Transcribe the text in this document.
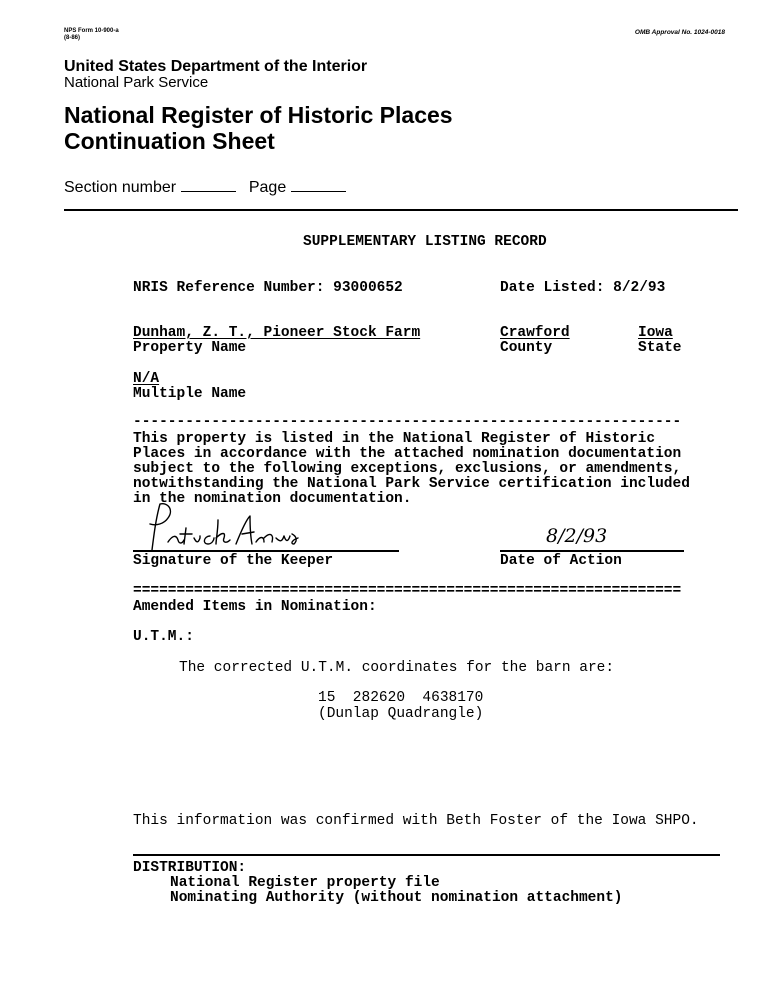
NPS Form 10-900-a
(8-86)
OMB Approval No. 1024-0018
United States Department of the Interior
National Park Service
National Register of Historic Places
Continuation Sheet
Section number	Page
SUPPLEMENTARY LISTING RECORD
NRIS Reference Number: 93000652	Date Listed: 8/2/93
Dunham, Z. T., Pioneer Stock Farm
Property Name
Crawford
County
Iowa
State
N/A
Multiple Name
---------------------------------------------------------------
This property is listed in the National Register of Historic
Places in accordance with the attached nomination documentation
subject to the following exceptions, exclusions, or amendments,
notwithstanding the National Park Service certification included
in the nomination documentation.
Signature of the Keeper
8/2/93
Date of Action
===============================================================
Amended Items in Nomination:
U.T.M.:
The corrected U.T.M. coordinates for the barn are:
15  282620  4638170
(Dunlap Quadrangle)
This information was confirmed with Beth Foster of the Iowa SHPO.
DISTRIBUTION:
National Register property file
Nominating Authority (without nomination attachment)
